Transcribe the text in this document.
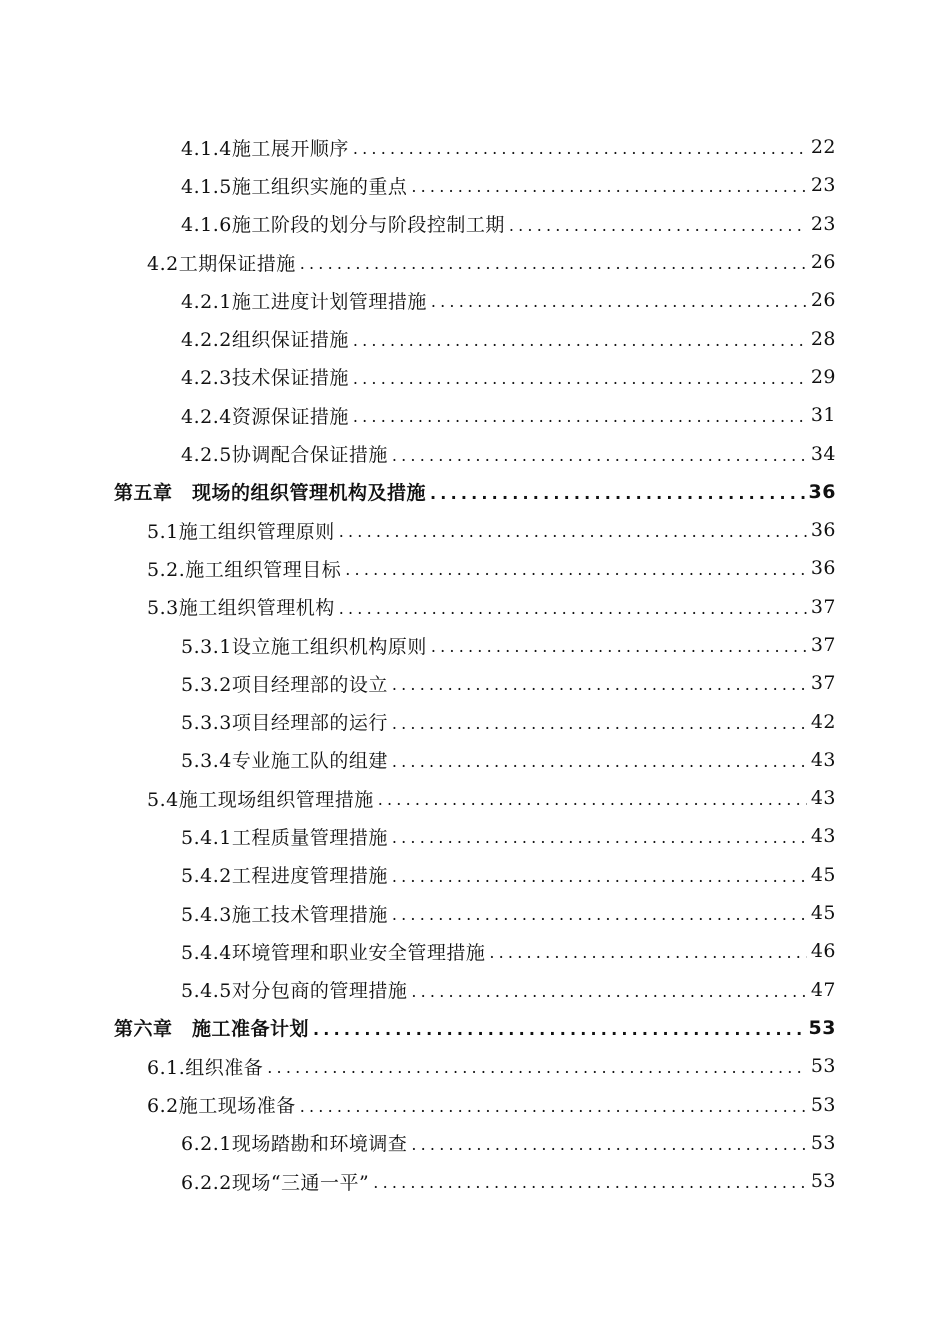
4.1.4施工展开顺序 .....	22
4.1.5施工组织实施的重点 .....	23
4.1.6施工阶段的划分与阶段控制工期 .....	23
4.2工期保证措施 .....	26
4.2.1施工进度计划管理措施 .....	26
4.2.2组织保证措施 .....	28
4.2.3技术保证措施 .....	29
4.2.4资源保证措施 .....	31
4.2.5协调配合保证措施 .....	34
第五章　现场的组织管理机构及措施 .....	36
5.1施工组织管理原则 .....	36
5.2.施工组织管理目标 .....	36
5.3施工组织管理机构 .....	37
5.3.1设立施工组织机构原则 .....	37
5.3.2项目经理部的设立 .....	37
5.3.3项目经理部的运行 .....	42
5.3.4专业施工队的组建 .....	43
5.4施工现场组织管理措施 .....	43
5.4.1工程质量管理措施 .....	43
5.4.2工程进度管理措施 .....	45
5.4.3施工技术管理措施 .....	45
5.4.4环境管理和职业安全管理措施 .....	46
5.4.5对分包商的管理措施 .....	47
第六章　施工准备计划 .....	53
6.1.组织准备 .....	53
6.2施工现场准备 .....	53
6.2.1现场踏勘和环境调查 .....	53
6.2.2现场“三通一平” .....	53
